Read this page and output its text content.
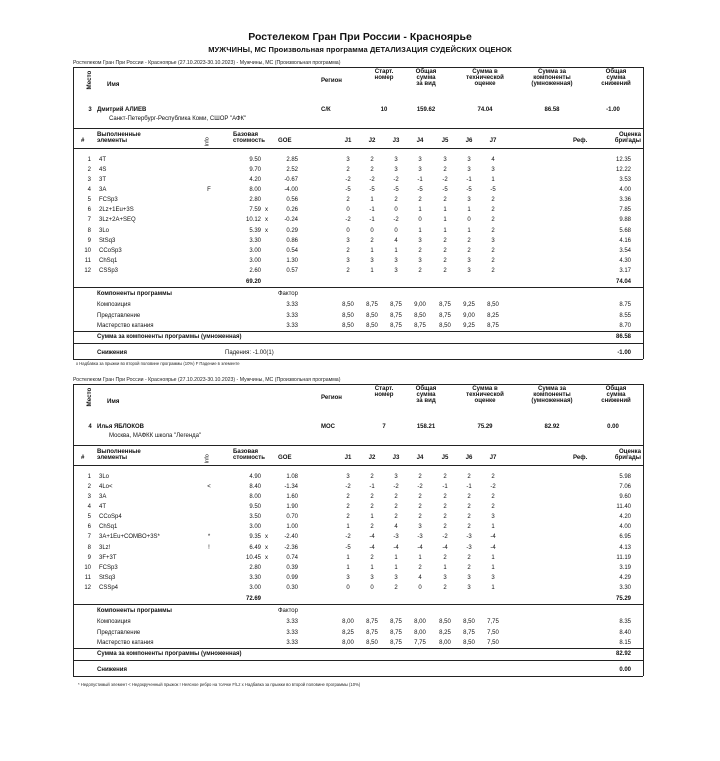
Ростелеком Гран При России - Красноярье
МУЖЧИНЫ, МС Произвольная программа ДЕТАЛИЗАЦИЯ СУДЕЙСКИХ ОЦЕНОК
Ростелеком Гран При России - Красноярье (27.10.2023-30.10.2023) - Мужчины, МС (Произвольная программа)
Место Имя
Регион
Старт.
номер
Общая
сумма
за вид
Сумма в
технической
оценке
Сумма за
компоненты
(умноженная)
Общая
сумма
снижений
3 Дмитрий АЛИЕВ
Санкт-Петербург-Республика Коми, СШОР "АФК"
С/К	10	159.62	74.04	86.58	-1.00
#
Выполненные
элементы	Info
Базовая
стоимость	GOE	J1	J2	J3	J4	J5	J6	J7	Реф.
Оценка
бригады
1 4T	9.50	2.85	3	2	3	3	3	3	4	12.35
2 4S	9.70	2.52	2	2	3	3	2	3	3	12.22
3 3T	4.20	-0.67	-2	-2	-2	-1	-2	-1	1	3.53
4 3A	F	8.00	-4.00	-5	-5	-5	-5	-5	-5	-5	4.00
5 FCSp3	2.80	0.56	2	1	2	2	2	3	2	3.36
6 2Lz+1Eu+3S	7.59 x	0.26	0	-1	0	1	1	1	2	7.85
7 3Lz+2A+SEQ	10.12 x	-0.24	-2	-1	-2	0	1	0	2	9.88
8 3Lo	5.39 x	0.29	0	0	0	1	1	1	2	5.68
9 StSq3	3.30	0.86	3	2	4	3	2	2	3	4.16
10 CCoSp3	3.00	0.54	2	1	1	2	2	2	2	3.54
11 ChSq1	3.00	1.30	3	3	3	3	2	3	2	4.30
12 CSSp3	2.60	0.57	2	1	3	2	2	3	2	3.17
69.20	74.04
Компоненты программы	Фактор
Композиция	3.33	8,50	8,75	8,75	9,00	8,75	9,25	8,50	8.75
Представление	3.33	8,50	8,50	8,75	8,50	8,75	9,00	8,25	8.55
Мастерство катания	3.33	8,50	8,50	8,75	8,75	8,50	9,25	8,75	8.70
Сумма за компоненты программы (умноженная)	86.58
Снижения	Падения: -1.00(1)	-1.00
x Надбавка за прыжки во второй половине программы (10%) F Падение в элементе
Ростелеком Гран При России - Красноярье (27.10.2023-30.10.2023) - Мужчины, МС (Произвольная программа)
Место Имя
Регион
Старт.
номер
Общая
сумма
за вид
Сумма в
технической
оценке
Сумма за
компоненты
(умноженная)
Общая
сумма
снижений
4 Илья ЯБЛОКОВ
Москва, МАФКК школа "Легенда"
МОС	7	158.21	75.29	82.92	0.00
#
Выполненные
элементы	Info
Базовая
стоимость	GOE	J1	J2	J3	J4	J5	J6	J7	Реф.
Оценка
бригады
1 3Lo	4.90	1.08	3	2	3	2	2	2	2	5.98
2 4Lo<	<	8.40	-1.34	-2	-1	-2	-2	-1	-1	-2	7.06
3 3A	8.00	1.60	2	2	2	2	2	2	2	9.60
4 4T	9.50	1.90	2	2	2	2	2	2	2	11.40
5 CCoSp4	3.50	0.70	2	1	2	2	2	2	3	4.20
6 ChSq1	3.00	1.00	1	2	4	3	2	2	1	4.00
7 3A+1Eu+COMBO+3S*	*	9.35 x	-2.40	-2	-4	-3	-3	-2	-3	-4	6.95
8 3Lz!	!	6.49 x	-2.36	-5	-4	-4	-4	-4	-3	-4	4.13
9 3F+3T	10.45 x	0.74	1	2	1	1	2	2	1	11.19
10 FCSp3	2.80	0.39	1	1	1	2	1	2	1	3.19
11 StSq3	3.30	0.99	3	3	3	4	3	3	3	4.29
12 CSSp4	3.00	0.30	0	0	2	0	2	3	1	3.30
72.69	75.29
Компоненты программы	Фактор
Композиция	3.33	8,00	8,75	8,75	8,00	8,50	8,50	7,75	8.35
Представление	3.33	8,25	8,75	8,75	8,00	8,25	8,75	7,50	8.40
Мастерство катания	3.33	8,00	8,50	8,75	7,75	8,00	8,50	7,50	8.15
Сумма за компоненты программы (умноженная)	82.92
Снижения	0.00
* Недопустимый элемент < Недокрученный прыжок ! Неясное ребро на толчке F/Lz x Надбавка за прыжки во второй половине программы (10%)
